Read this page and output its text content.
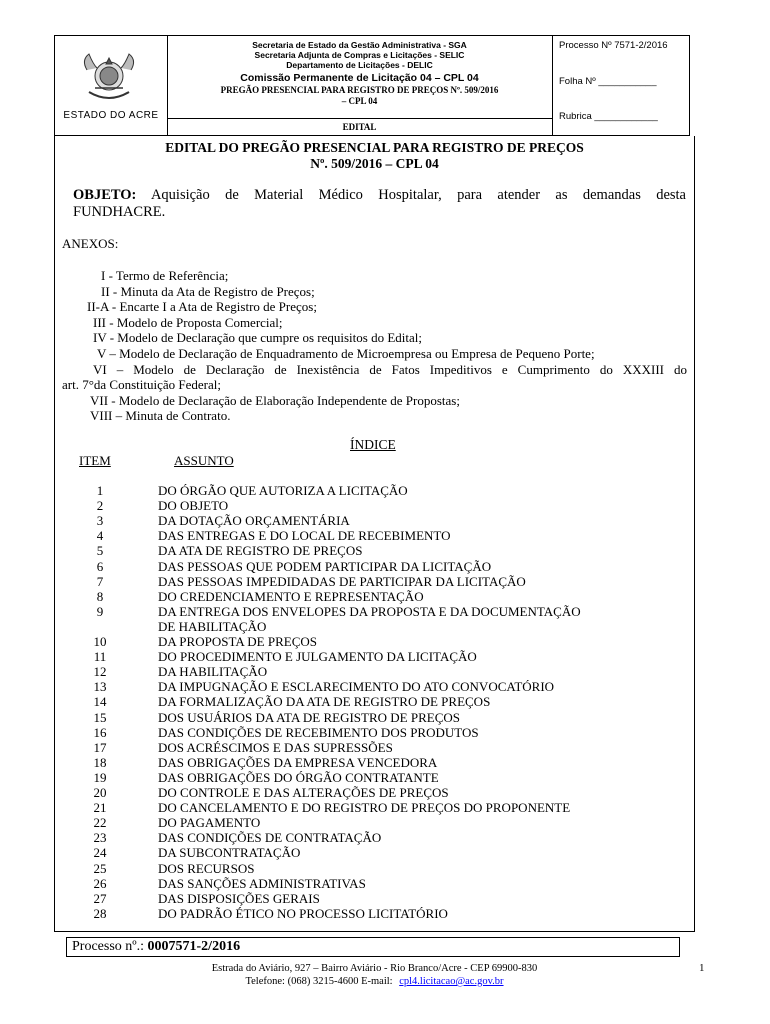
ESTADO DO ACRE
Secretaria de Estado da Gestão Administrativa - SGA
Secretaria Adjunta de Compras e Licitações - SELIC
Departamento de Licitações - DELIC
Comissão Permanente de Licitação 04 – CPL 04
PREGÃO PRESENCIAL PARA REGISTRO DE PREÇOS Nº. 509/2016
– CPL 04
EDITAL
Processo Nº 7571-2/2016
Folha Nº ___________
Rubrica ____________
EDITAL DO PREGÃO PRESENCIAL PARA REGISTRO DE PREÇOS
Nº. 509/2016 – CPL 04
OBJETO: Aquisição de Material Médico Hospitalar, para atender as demandas desta
FUNDHACRE.
ANEXOS:
I - Termo de Referência;
II - Minuta da Ata de Registro de Preços;
II-A - Encarte I a Ata de Registro de Preços;
III - Modelo de Proposta Comercial;
IV - Modelo de Declaração que cumpre os requisitos do Edital;
V – Modelo de Declaração de Enquadramento de Microempresa ou Empresa de Pequeno Porte;
VI – Modelo de Declaração de Inexistência de Fatos Impeditivos e Cumprimento do XXXIII do
art. 7°da Constituição Federal;
VII - Modelo de Declaração de Elaboração Independente de Propostas;
VIII – Minuta de Contrato.
ÍNDICE
ITEM	ASSUNTO
1	DO ÓRGÃO QUE AUTORIZA A LICITAÇÃO
2	DO OBJETO
3	DA DOTAÇÃO ORÇAMENTÁRIA
4	DAS ENTREGAS E DO LOCAL DE RECEBIMENTO
5	DA ATA DE REGISTRO DE PREÇOS
6	DAS PESSOAS QUE PODEM PARTICIPAR DA LICITAÇÃO
7	DAS PESSOAS IMPEDIDADAS DE PARTICIPAR DA LICITAÇÃO
8	DO CREDENCIAMENTO E REPRESENTAÇÃO
9	DA ENTREGA DOS ENVELOPES DA PROPOSTA E DA DOCUMENTAÇÃO
DE HABILITAÇÃO
10	DA PROPOSTA DE PREÇOS
11	DO PROCEDIMENTO E JULGAMENTO DA LICITAÇÃO
12	DA HABILITAÇÃO
13	DA IMPUGNAÇÃO E ESCLARECIMENTO DO ATO CONVOCATÓRIO
14	DA FORMALIZAÇÃO DA ATA DE REGISTRO DE PREÇOS
15	DOS USUÁRIOS DA ATA DE REGISTRO DE PREÇOS
16	DAS CONDIÇÕES DE RECEBIMENTO DOS PRODUTOS
17	DOS ACRÉSCIMOS E DAS SUPRESSÕES
18	DAS OBRIGAÇÕES DA EMPRESA VENCEDORA
19	DAS OBRIGAÇÕES DO ÓRGÃO CONTRATANTE
20	DO CONTROLE E DAS ALTERAÇÕES DE PREÇOS
21	DO CANCELAMENTO E DO REGISTRO DE PREÇOS DO PROPONENTE
22	DO PAGAMENTO
23	DAS CONDIÇÕES DE CONTRATAÇÃO
24	DA SUBCONTRATAÇÃO
25	DOS RECURSOS
26	DAS SANÇÕES ADMINISTRATIVAS
27	DAS DISPOSIÇÕES GERAIS
28	DO PADRÃO ÉTICO NO PROCESSO LICITATÓRIO
Processo nº.: 0007571-2/2016
Estrada do Aviário, 927 – Bairro Aviário - Rio Branco/Acre - CEP 69900-830
Telefone: (068) 3215-4600 E-mail: cpl4.licitacao@ac.gov.br
1
